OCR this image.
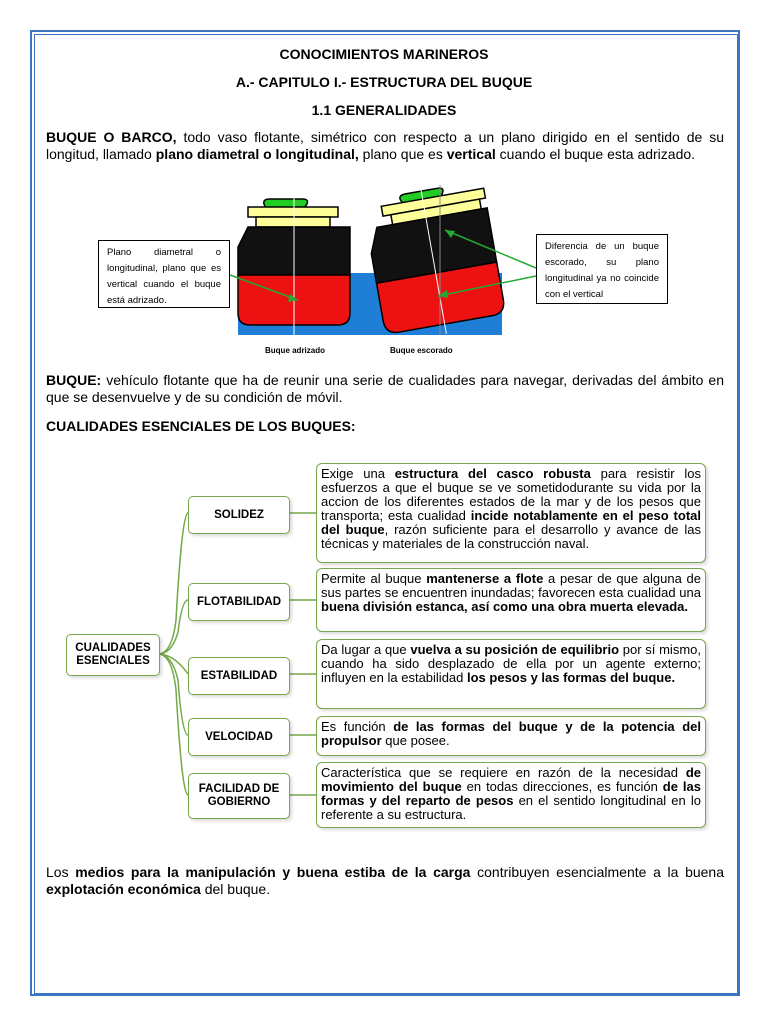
CONOCIMIENTOS MARINEROS
A.- CAPITULO I.- ESTRUCTURA DEL BUQUE
1.1 GENERALIDADES
BUQUE O BARCO, todo vaso flotante, simétrico con respecto a un plano dirigido en el sentido de su longitud, llamado plano diametral o longitudinal, plano que es vertical cuando el buque esta adrizado.
Plano diametral o longitudinal, plano que es vertical cuando el buque está adrizado.
Diferencia de un buque escorado, su plano longitudinal ya no coincide con el vertical
Buque adrizado	Buque escorado
BUQUE: vehículo flotante que ha de reunir una serie de cualidades para navegar, derivadas del ámbito en que se desenvuelve y de su condición de móvil.
CUALIDADES ESENCIALES DE LOS BUQUES:
CUALIDADES ESENCIALES
SOLIDEZ
FLOTABILIDAD
ESTABILIDAD
VELOCIDAD
FACILIDAD DE GOBIERNO
Exige una estructura del casco robusta para resistir los esfuerzos a que el buque se ve sometidodurante su vida por la accion de los diferentes estados de la mar y de los pesos que transporta; esta cualidad incide notablamente en el peso total del buque, razón suficiente para el desarrollo y avance de las técnicas y materiales de la construcción naval.
Permite al buque mantenerse a flote a pesar de que alguna de sus partes se encuentren inundadas; favorecen esta cualidad una buena división estanca, así como una obra muerta elevada.
Da lugar a que vuelva a su posición de equilibrio por sí mismo, cuando ha sido desplazado de ella por un agente externo; influyen en la estabilidad los pesos y las formas del buque.
Es función de las formas del buque y de la potencia del propulsor que posee.
Característica que se requiere en razón de la necesidad de movimiento del buque en todas direcciones, es función de las formas y del reparto de pesos en el sentido longitudinal en lo referente a su estructura.
Los medios para la manipulación y buena estiba de la carga contribuyen esencialmente a la buena explotación económica del buque.
